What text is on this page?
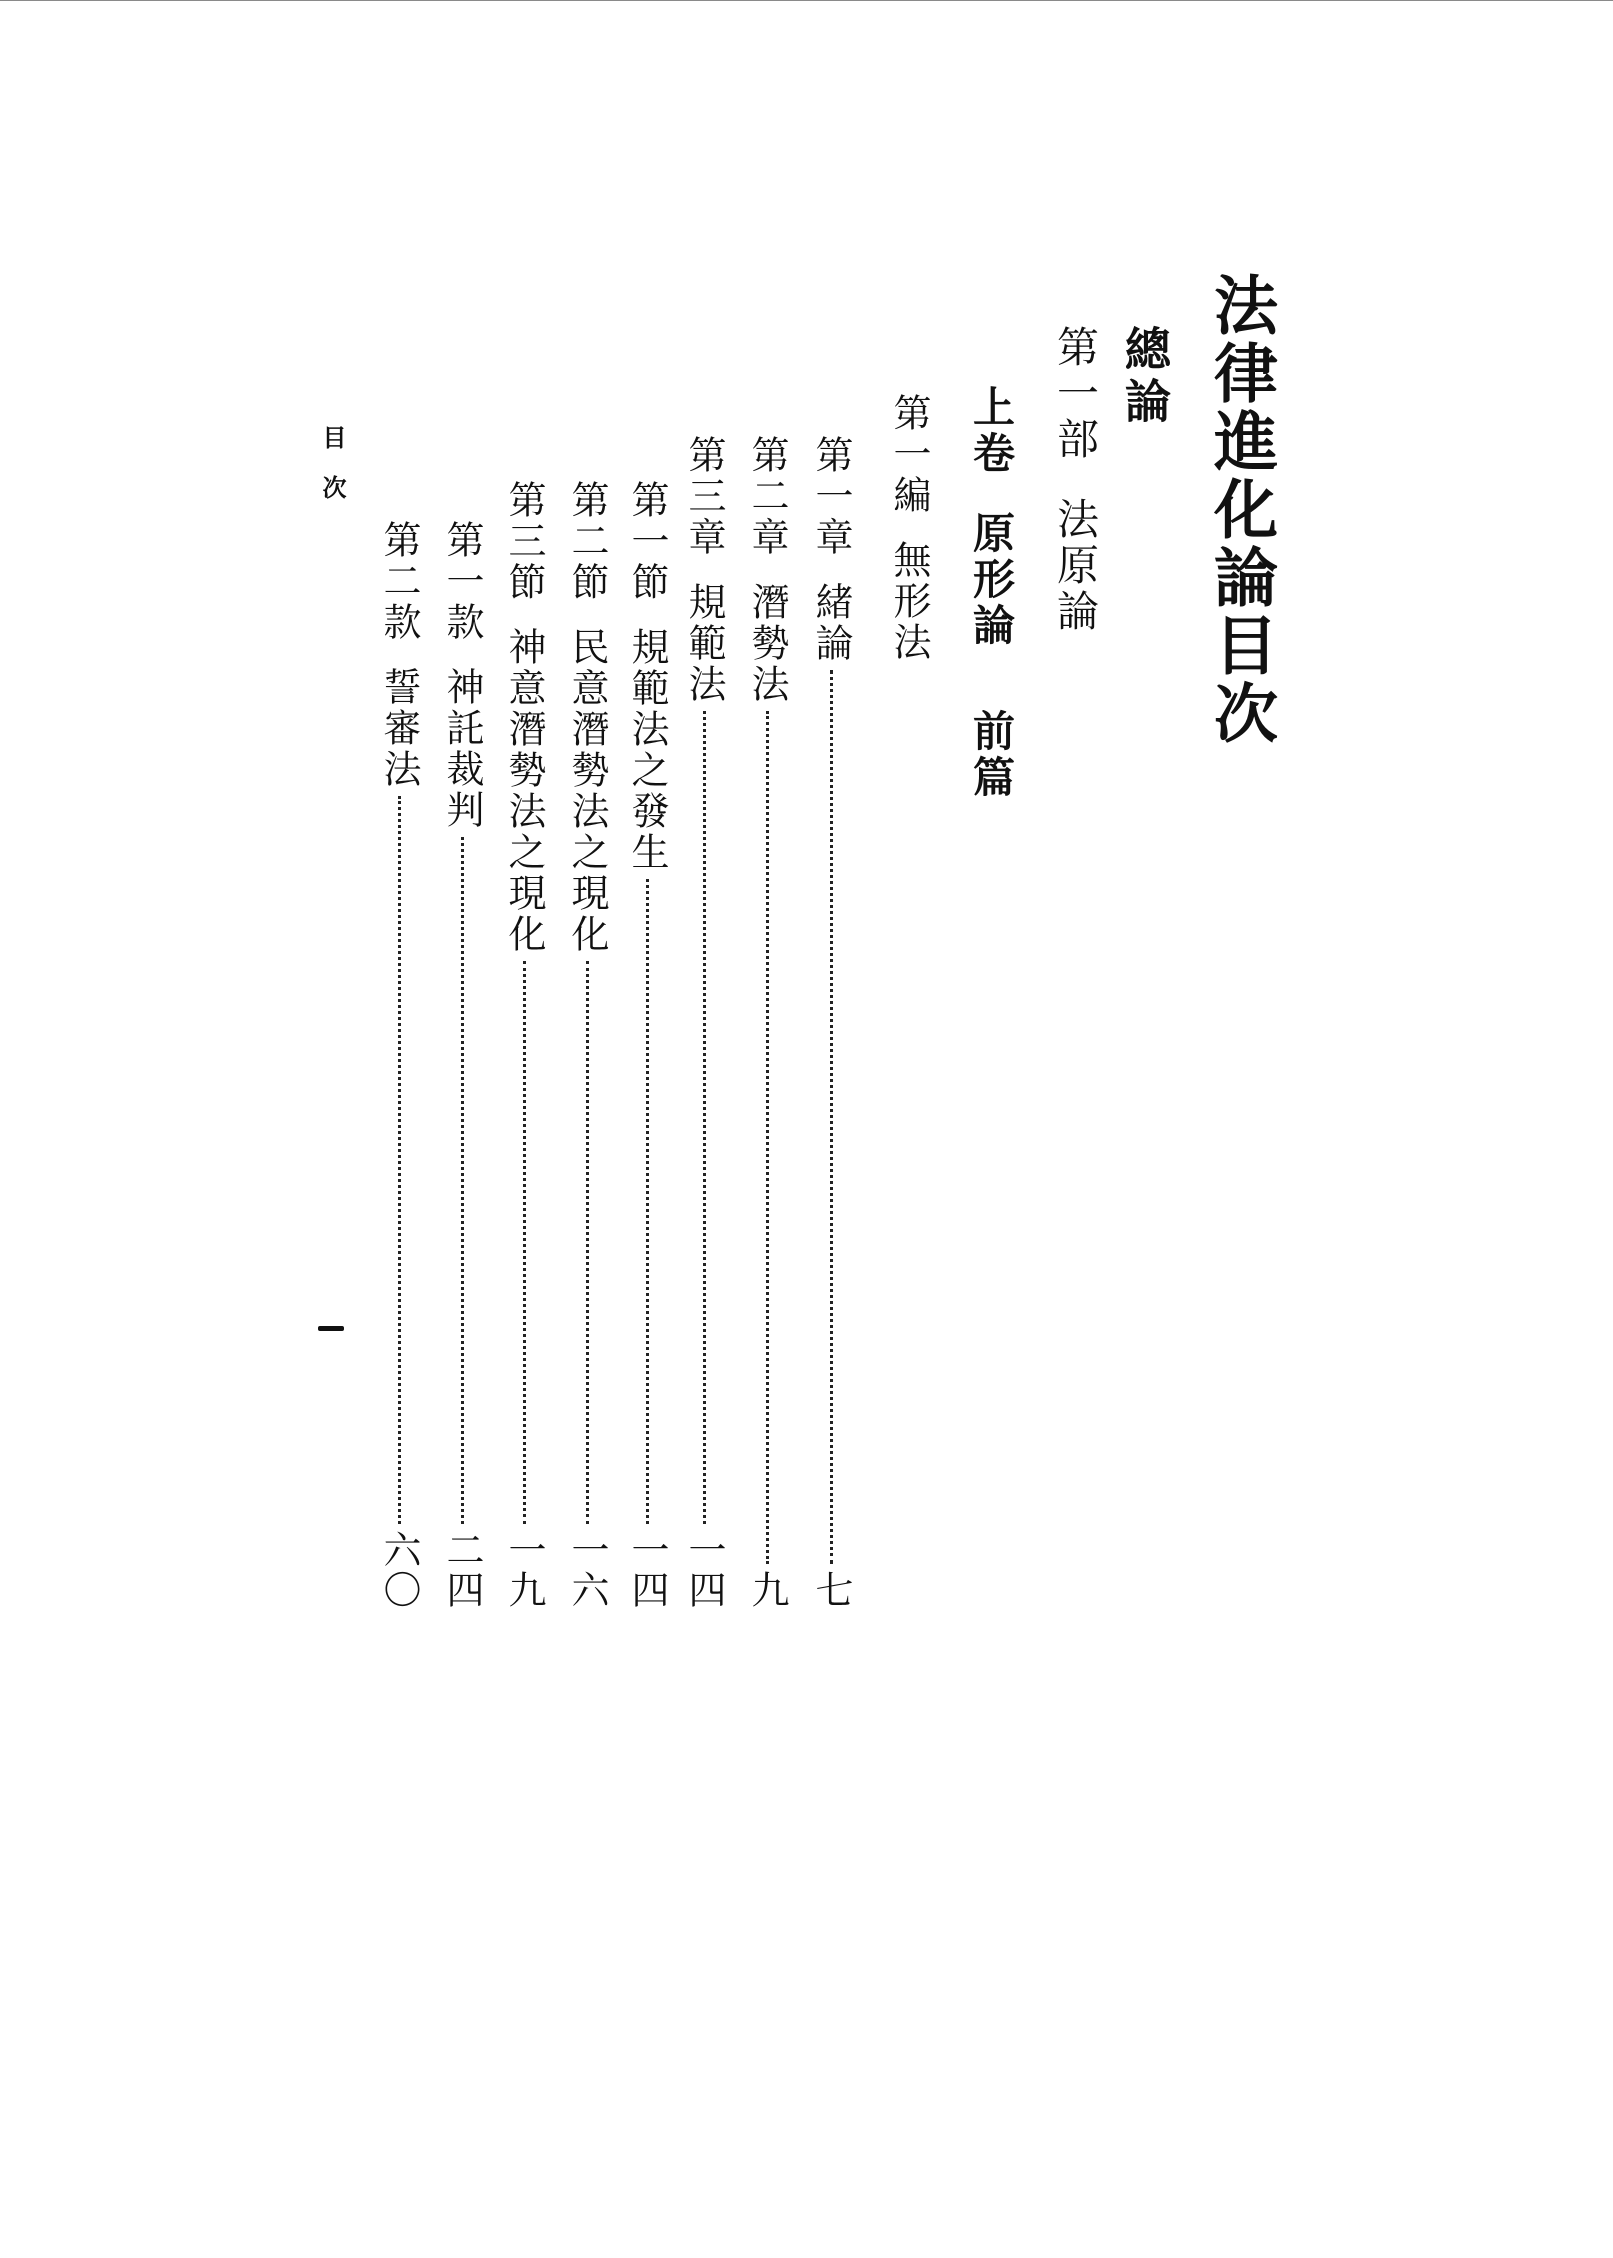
法律進化論目次
總論
第一部法原論
上卷原形論前篇
第一編無形法
第一章
緒論
七
第二章
潛勢法
九
第三章
規範法
一四
第一節
規範法之發生
一四
第二節
民意潛勢法之現化
一六
第三節
神意潛勢法之現化
一九
第一款
神託裁判
二四
第二款
誓審法
六〇
目次
